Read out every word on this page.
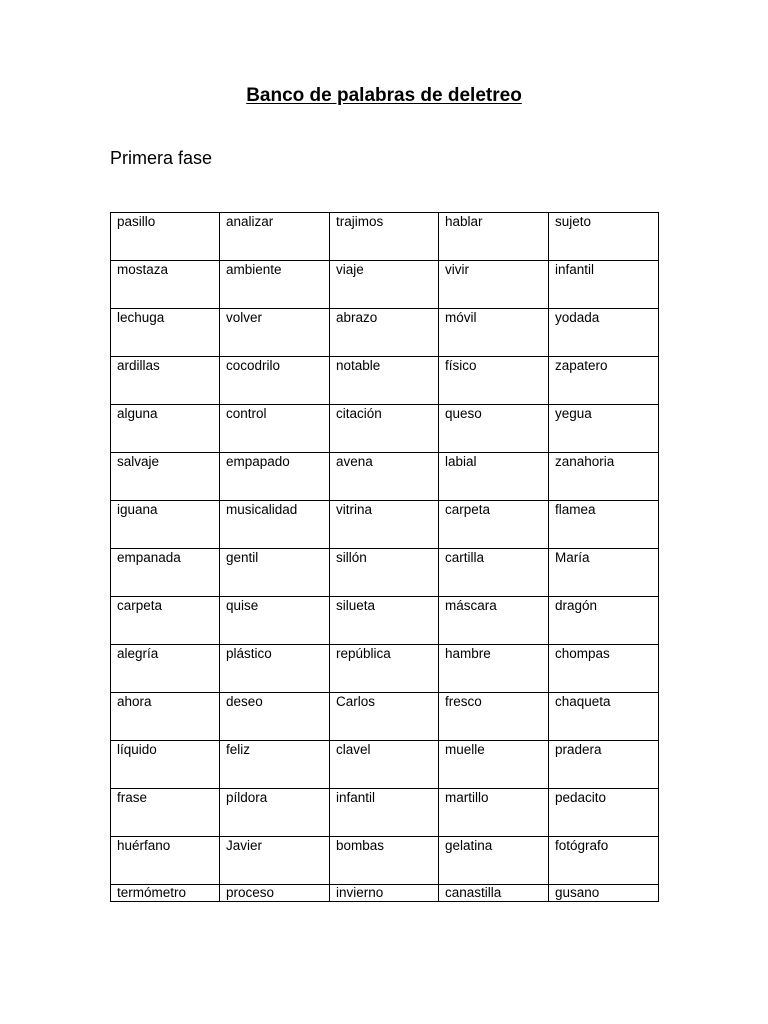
Banco de palabras de deletreo
Primera fase
pasillo	analizar	trajimos	hablar	sujeto
mostaza	ambiente	viaje	vivir	infantil
lechuga	volver	abrazo	móvil	yodada
ardillas	cocodrilo	notable	físico	zapatero
alguna	control	citación	queso	yegua
salvaje	empapado	avena	labial	zanahoria
iguana	musicalidad	vitrina	carpeta	flamea
empanada	gentil	sillón	cartilla	María
carpeta	quise	silueta	máscara	dragón
alegría	plástico	república	hambre	chompas
ahora	deseo	Carlos	fresco	chaqueta
líquido	feliz	clavel	muelle	pradera
frase	píldora	infantil	martillo	pedacito
huérfano	Javier	bombas	gelatina	fotógrafo
termómetro	proceso	invierno	canastilla	gusano
